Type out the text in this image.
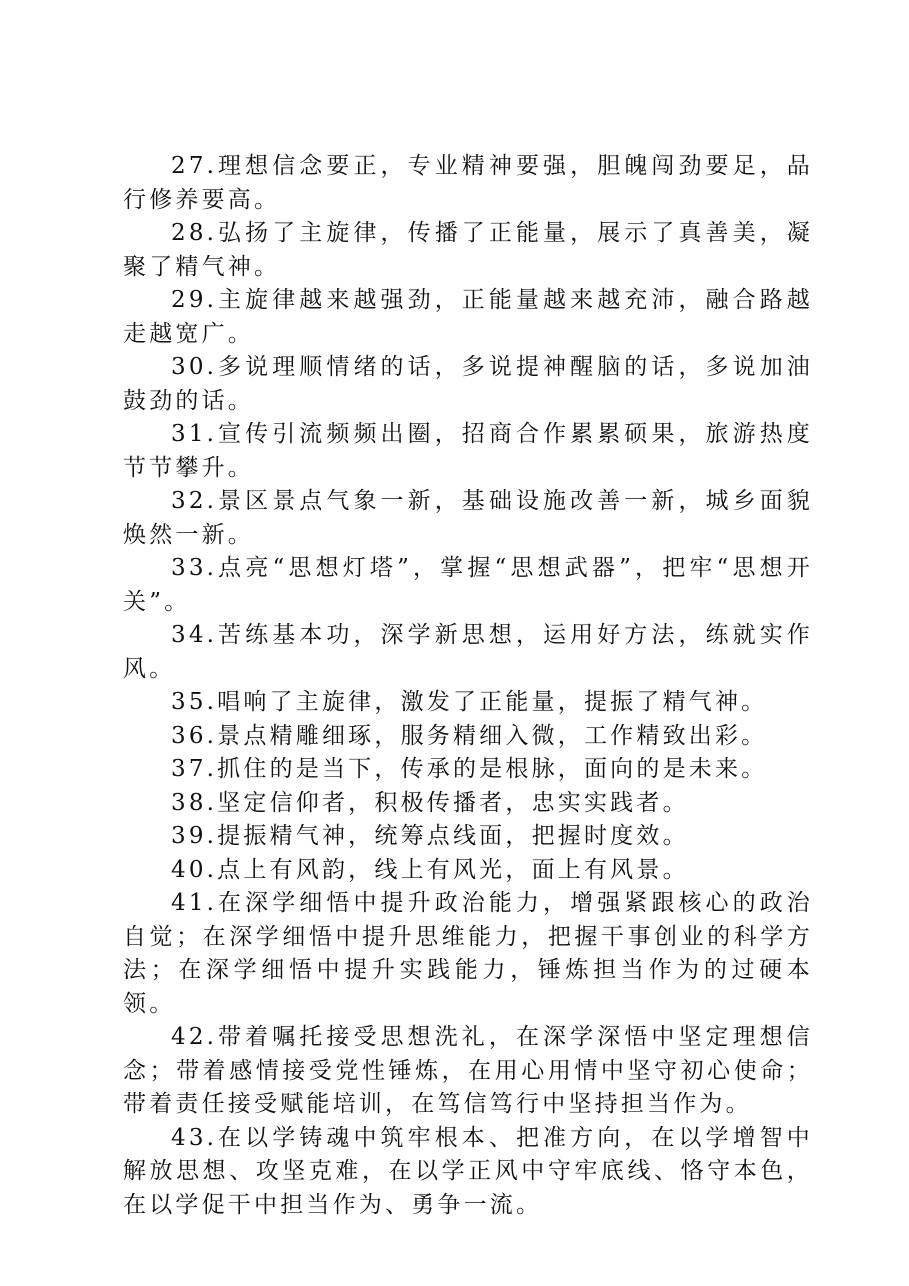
27.理想信念要正，专业精神要强，胆魄闯劲要足，品行修养要高。

28.弘扬了主旋律，传播了正能量，展示了真善美，凝聚了精气神。

29.主旋律越来越强劲，正能量越来越充沛，融合路越走越宽广。

30.多说理顺情绪的话，多说提神醒脑的话，多说加油鼓劲的话。

31.宣传引流频频出圈，招商合作累累硕果，旅游热度节节攀升。

32.景区景点气象一新，基础设施改善一新，城乡面貌焕然一新。

33.点亮“思想灯塔”，掌握“思想武器”，把牢“思想开关”。

34.苦练基本功，深学新思想，运用好方法，练就实作风。

35.唱响了主旋律，激发了正能量，提振了精气神。

36.景点精雕细琢，服务精细入微，工作精致出彩。

37.抓住的是当下，传承的是根脉，面向的是未来。

38.坚定信仰者，积极传播者，忠实实践者。

39.提振精气神，统筹点线面，把握时度效。

40.点上有风韵，线上有风光，面上有风景。

41.在深学细悟中提升政治能力，增强紧跟核心的政治自觉；在深学细悟中提升思维能力，把握干事创业的科学方法；在深学细悟中提升实践能力，锤炼担当作为的过硬本领。

42.带着嘱托接受思想洗礼，在深学深悟中坚定理想信念；带着感情接受党性锤炼，在用心用情中坚守初心使命；带着责任接受赋能培训，在笃信笃行中坚持担当作为。

43.在以学铸魂中筑牢根本、把准方向，在以学增智中解放思想、攻坚克难，在以学正风中守牢底线、恪守本色，在以学促干中担当作为、勇争一流。
